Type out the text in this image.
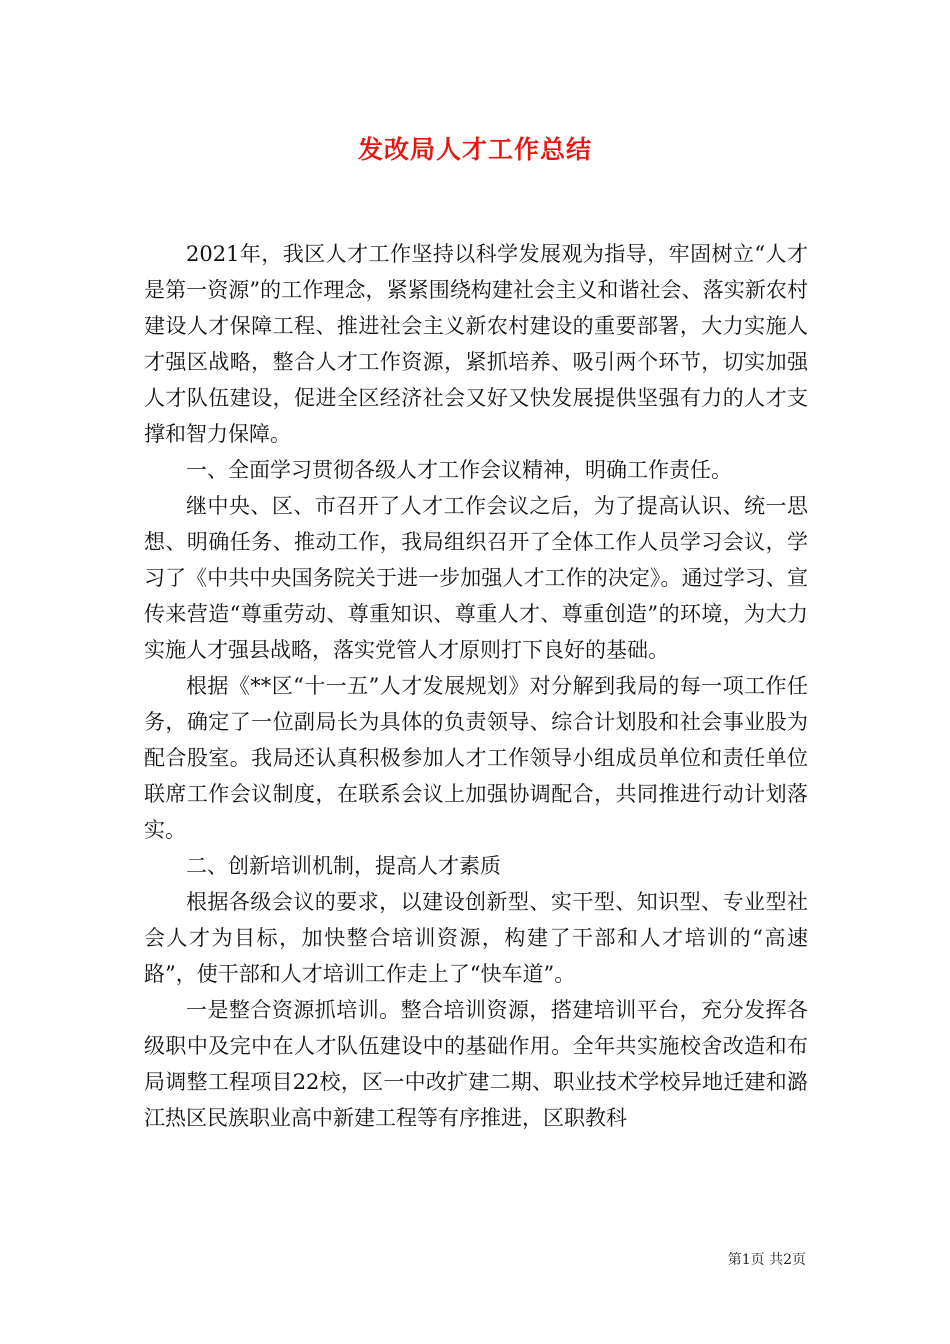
发改局人才工作总结

2021年，我区人才工作坚持以科学发展观为指导，牢固树立“人才是第一资源”的工作理念，紧紧围绕构建社会主义和谐社会、落实新农村建设人才保障工程、推进社会主义新农村建设的重要部署，大力实施人才强区战略，整合人才工作资源，紧抓培养、吸引两个环节，切实加强人才队伍建设，促进全区经济社会又好又快发展提供坚强有力的人才支撑和智力保障。

一、全面学习贯彻各级人才工作会议精神，明确工作责任。

继中央、区、市召开了人才工作会议之后，为了提高认识、统一思想、明确任务、推动工作，我局组织召开了全体工作人员学习会议，学习了《中共中央国务院关于进一步加强人才工作的决定》。通过学习、宣传来营造“尊重劳动、尊重知识、尊重人才、尊重创造”的环境，为大力实施人才强县战略，落实党管人才原则打下良好的基础。

根据《**区“十一五”人才发展规划》对分解到我局的每一项工作任务，确定了一位副局长为具体的负责领导、综合计划股和社会事业股为配合股室。我局还认真积极参加人才工作领导小组成员单位和责任单位联席工作会议制度，在联系会议上加强协调配合，共同推进行动计划落实。

二、创新培训机制，提高人才素质

根据各级会议的要求，以建设创新型、实干型、知识型、专业型社会人才为目标，加快整合培训资源，构建了干部和人才培训的“高速路”，使干部和人才培训工作走上了“快车道”。

一是整合资源抓培训。整合培训资源，搭建培训平台，充分发挥各级职中及完中在人才队伍建设中的基础作用。全年共实施校舍改造和布局调整工程项目22校，区一中改扩建二期、职业技术学校异地迁建和潞江热区民族职业高中新建工程等有序推进，区职教科

第1页 共2页
